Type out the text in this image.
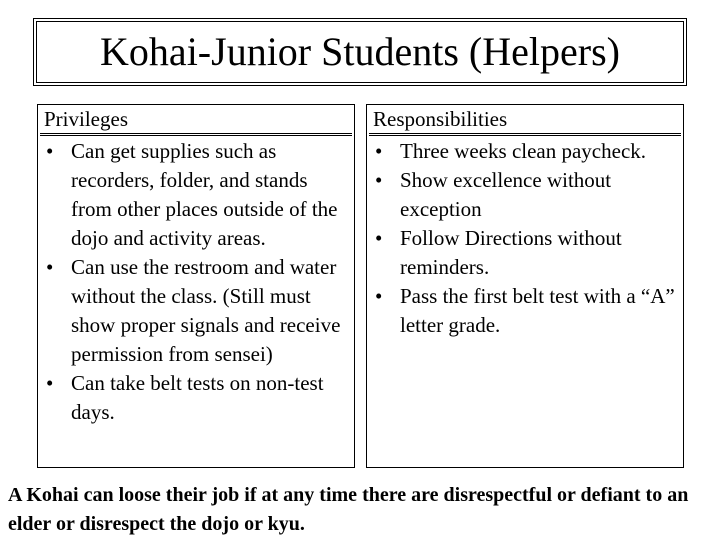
Kohai-Junior Students (Helpers)
Privileges
• Can get supplies such as recorders, folder, and stands from other places outside of the dojo and activity areas.
• Can use the restroom and water without the class. (Still must show proper signals and receive permission from sensei)
• Can take belt tests on non-test days.
Responsibilities
• Three weeks clean paycheck.
• Show excellence without exception
• Follow Directions without reminders.
• Pass the first belt test with a “A” letter grade.
A Kohai can loose their job if at any time there are disrespectful or defiant to an elder or disrespect the dojo or kyu.
